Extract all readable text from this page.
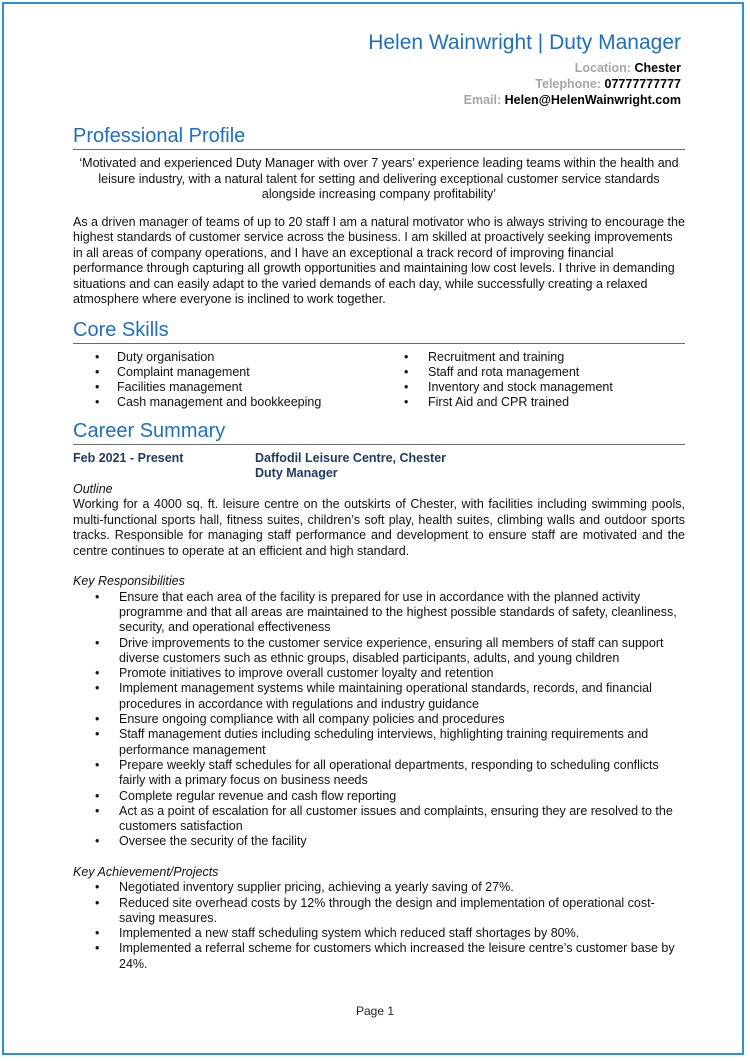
Helen Wainwright | Duty Manager
Location: Chester
Telephone: 07777777777
Email: Helen@HelenWainwright.com
Professional Profile
‘Motivated and experienced Duty Manager with over 7 years’ experience leading teams within the health and leisure industry, with a natural talent for setting and delivering exceptional customer service standards alongside increasing company profitability’
As a driven manager of teams of up to 20 staff I am a natural motivator who is always striving to encourage the highest standards of customer service across the business. I am skilled at proactively seeking improvements in all areas of company operations, and I have an exceptional a track record of improving financial performance through capturing all growth opportunities and maintaining low cost levels. I thrive in demanding situations and can easily adapt to the varied demands of each day, while successfully creating a relaxed atmosphere where everyone is inclined to work together.
Core Skills
• Duty organisation
• Complaint management
• Facilities management
• Cash management and bookkeeping
• Recruitment and training
• Staff and rota management
• Inventory and stock management
• First Aid and CPR trained
Career Summary
Feb 2021 - Present	Daffodil Leisure Centre, Chester
Duty Manager
Outline
Working for a 4000 sq. ft. leisure centre on the outskirts of Chester, with facilities including swimming pools, multi-functional sports hall, fitness suites, children’s soft play, health suites, climbing walls and outdoor sports tracks. Responsible for managing staff performance and development to ensure staff are motivated and the centre continues to operate at an efficient and high standard.
Key Responsibilities
• Ensure that each area of the facility is prepared for use in accordance with the planned activity programme and that all areas are maintained to the highest possible standards of safety, cleanliness, security, and operational effectiveness
• Drive improvements to the customer service experience, ensuring all members of staff can support diverse customers such as ethnic groups, disabled participants, adults, and young children
• Promote initiatives to improve overall customer loyalty and retention
• Implement management systems while maintaining operational standards, records, and financial procedures in accordance with regulations and industry guidance
• Ensure ongoing compliance with all company policies and procedures
• Staff management duties including scheduling interviews, highlighting training requirements and performance management
• Prepare weekly staff schedules for all operational departments, responding to scheduling conflicts fairly with a primary focus on business needs
• Complete regular revenue and cash flow reporting
• Act as a point of escalation for all customer issues and complaints, ensuring they are resolved to the customers satisfaction
• Oversee the security of the facility
Key Achievement/Projects
• Negotiated inventory supplier pricing, achieving a yearly saving of 27%.
• Reduced site overhead costs by 12% through the design and implementation of operational cost-saving measures.
• Implemented a new staff scheduling system which reduced staff shortages by 80%.
• Implemented a referral scheme for customers which increased the leisure centre’s customer base by 24%.
Page 1
